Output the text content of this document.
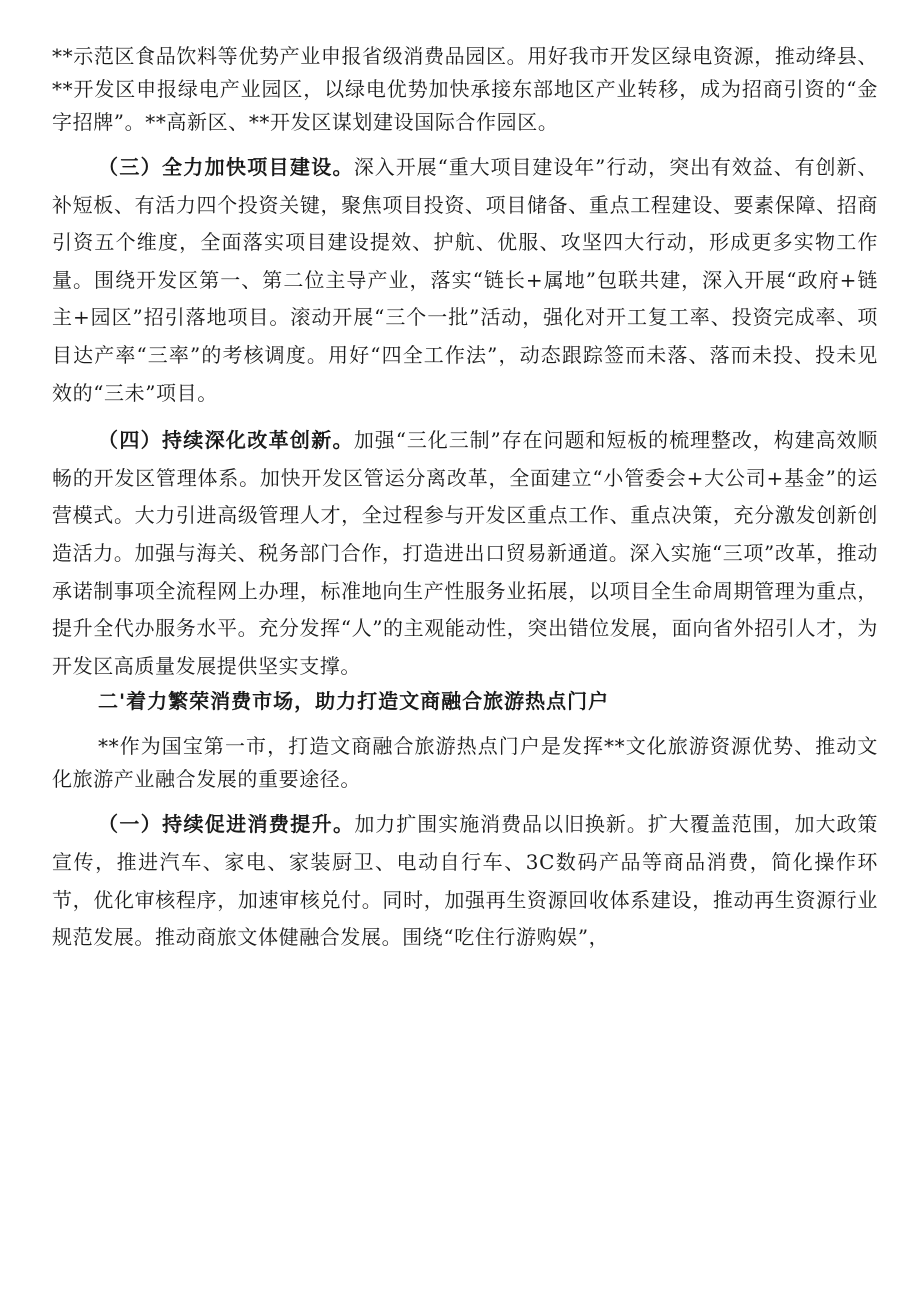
**示范区食品饮料等优势产业申报省级消费品园区。用好我市开发区绿电资源，推动绛县、**开发区申报绿电产业园区，以绿电优势加快承接东部地区产业转移，成为招商引资的“金字招牌”。**高新区、**开发区谋划建设国际合作园区。

（三）全力加快项目建设。深入开展“重大项目建设年”行动，突出有效益、有创新、补短板、有活力四个投资关键，聚焦项目投资、项目储备、重点工程建设、要素保障、招商引资五个维度，全面落实项目建设提效、护航、优服、攻坚四大行动，形成更多实物工作量。围绕开发区第一、第二位主导产业，落实“链长+属地”包联共建，深入开展“政府+链主+园区”招引落地项目。滚动开展“三个一批”活动，强化对开工复工率、投资完成率、项目达产率“三率”的考核调度。用好“四全工作法”，动态跟踪签而未落、落而未投、投未见效的“三未”项目。

（四）持续深化改革创新。加强“三化三制”存在问题和短板的梳理整改，构建高效顺畅的开发区管理体系。加快开发区管运分离改革，全面建立“小管委会+大公司+基金”的运营模式。大力引进高级管理人才，全过程参与开发区重点工作、重点决策，充分激发创新创造活力。加强与海关、税务部门合作，打造进出口贸易新通道。深入实施“三项”改革，推动承诺制事项全流程网上办理，标准地向生产性服务业拓展，以项目全生命周期管理为重点，提升全代办服务水平。充分发挥“人”的主观能动性，突出错位发展，面向省外招引人才，为开发区高质量发展提供坚实支撑。

二'着力繁荣消费市场，助力打造文商融合旅游热点门户

**作为国宝第一市，打造文商融合旅游热点门户是发挥**文化旅游资源优势、推动文化旅游产业融合发展的重要途径。

（一）持续促进消费提升。加力扩围实施消费品以旧换新。扩大覆盖范围，加大政策宣传，推进汽车、家电、家装厨卫、电动自行车、3C数码产品等商品消费，简化操作环节，优化审核程序，加速审核兑付。同时，加强再生资源回收体系建设，推动再生资源行业规范发展。推动商旅文体健融合发展。围绕“吃住行游购娱”，
